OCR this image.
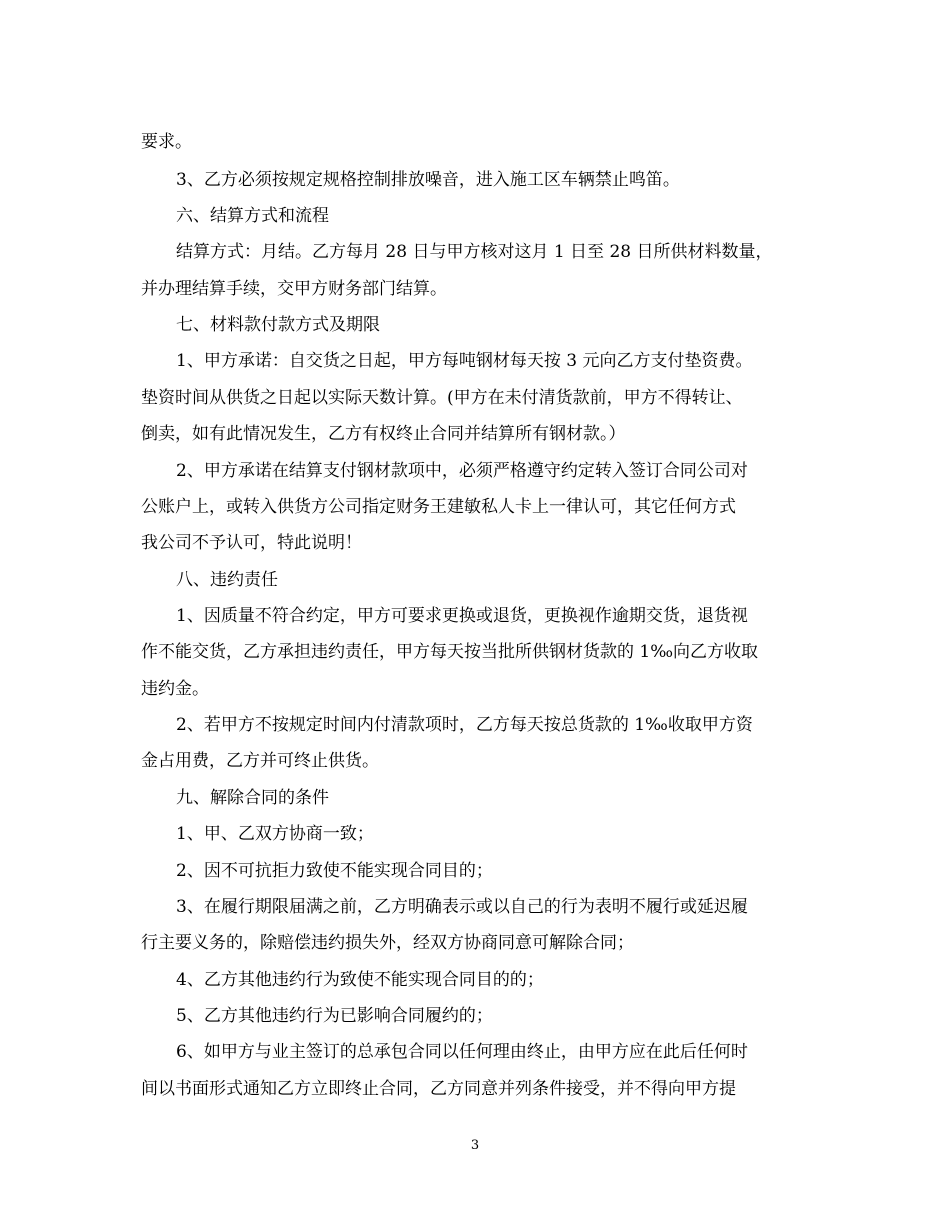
要求。
3、乙方必须按规定规格控制排放噪音，进入施工区车辆禁止鸣笛。
六、结算方式和流程
结算方式：月结。乙方每月 28 日与甲方核对这月 1 日至 28 日所供材料数量，
并办理结算手续，交甲方财务部门结算。
七、材料款付款方式及期限
1、甲方承诺：自交货之日起，甲方每吨钢材每天按 3 元向乙方支付垫资费。
垫资时间从供货之日起以实际天数计算。(甲方在未付清货款前，甲方不得转让、
倒卖，如有此情况发生，乙方有权终止合同并结算所有钢材款。）
2、甲方承诺在结算支付钢材款项中，必须严格遵守约定转入签订合同公司对
公账户上，或转入供货方公司指定财务王建敏私人卡上一律认可，其它任何方式
我公司不予认可，特此说明！
八、违约责任
1、因质量不符合约定，甲方可要求更换或退货，更换视作逾期交货，退货视
作不能交货，乙方承担违约责任，甲方每天按当批所供钢材货款的 1‰向乙方收取
违约金。
2、若甲方不按规定时间内付清款项时，乙方每天按总货款的 1‰收取甲方资
金占用费，乙方并可终止供货。
九、解除合同的条件
1、甲、乙双方协商一致；
2、因不可抗拒力致使不能实现合同目的；
3、在履行期限届满之前，乙方明确表示或以自己的行为表明不履行或延迟履
行主要义务的，除赔偿违约损失外，经双方协商同意可解除合同；
4、乙方其他违约行为致使不能实现合同目的的；
5、乙方其他违约行为已影响合同履约的；
6、如甲方与业主签订的总承包合同以任何理由终止，由甲方应在此后任何时
间以书面形式通知乙方立即终止合同，乙方同意并列条件接受，并不得向甲方提
3
